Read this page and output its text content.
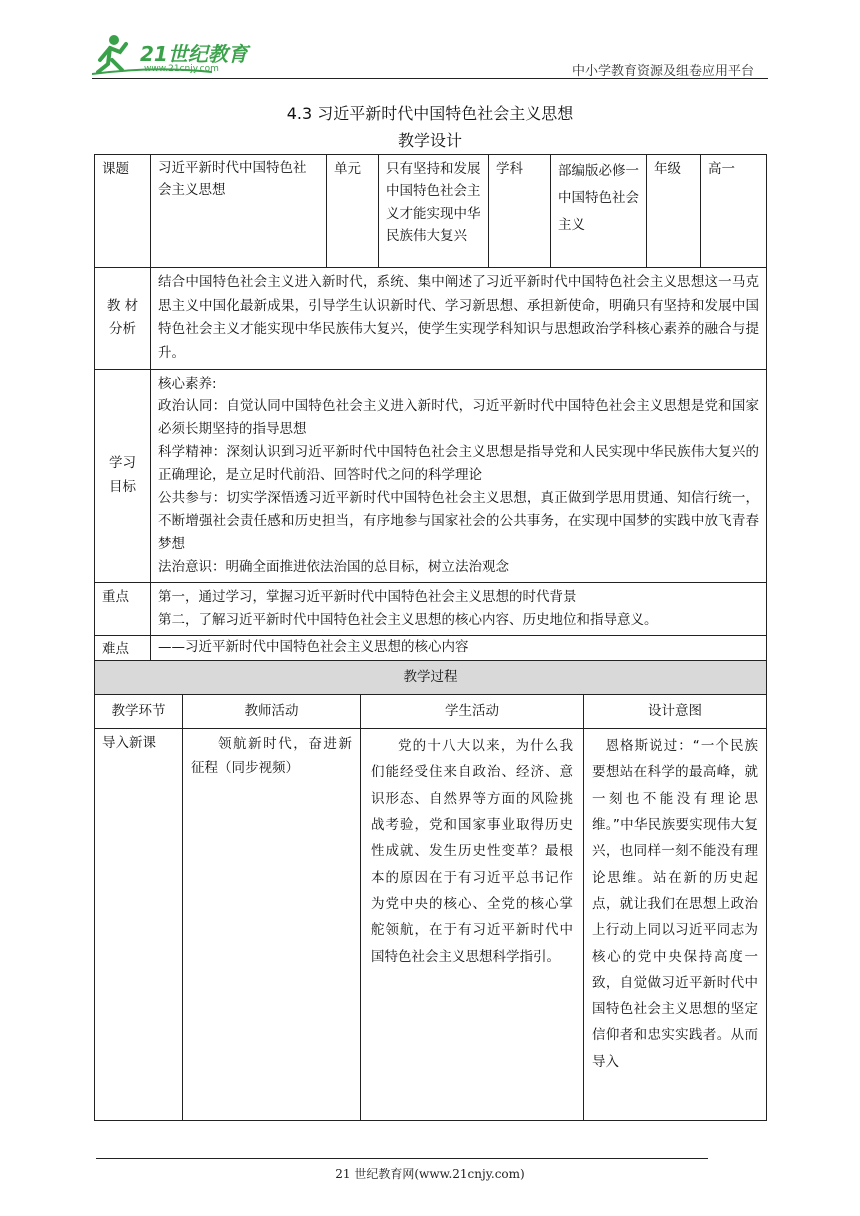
21世纪教育
www.21cnjy.com	中小学教育资源及组卷应用平台
4.3 习近平新时代中国特色社会主义思想
教学设计
课题	习近平新时代中国特色社会主义思想	单元	只有坚持和发展中国特色社会主义才能实现中华民族伟大复兴	学科	部编版必修一中国特色社会主义	年级	高一
教 材 分析	结合中国特色社会主义进入新时代，系统、集中阐述了习近平新时代中国特色社会主义思想这一马克思主义中国化最新成果，引导学生认识新时代、学习新思想、承担新使命，明确只有坚持和发展中国特色社会主义才能实现中华民族伟大复兴，使学生实现学科知识与思想政治学科核心素养的融合与提升。						
学习 目标	核心素养:
政治认同：自觉认同中国特色社会主义进入新时代，习近平新时代中国特色社会主义思想是党和国家必须长期坚持的指导思想
科学精神：深刻认识到习近平新时代中国特色社会主义思想是指导党和人民实现中华民族伟大复兴的正确理论，是立足时代前沿、回答时代之问的科学理论
公共参与：切实学深悟透习近平新时代中国特色社会主义思想，真正做到学思用贯通、知信行统一，不断增强社会责任感和历史担当，有序地参与国家社会的公共事务，在实现中国梦的实践中放飞青春梦想
法治意识：明确全面推进依法治国的总目标，树立法治观念						

重点	第一，通过学习，掌握习近平新时代中国特色社会主义思想的时代背景
第二，了解习近平新时代中国特色社会主义思想的核心内容、历史地位和指导意义。						

难点	——习近平新时代中国特色社会主义思想的核心内容						
教学过程			
教学环节	教师活动	学生活动	设计意图
导入新课	领航新时代，奋进新征程（同步视频）	党的十八大以来，为什么我们能经受住来自政治、经济、意识形态、自然界等方面的风险挑战考验，党和国家事业取得历史性成就、发生历史性变革？最根本的原因在于有习近平总书记作为党中央的核心、全党的核心掌舵领航，在于有习近平新时代中国特色社会主义思想科学指引。	恩格斯说过：“一个民族要想站在科学的最高峰，就一刻也不能没有理论思维。”中华民族要实现伟大复兴，也同样一刻不能没有理论思维。站在新的历史起点，就让我们在思想上政治上行动上同以习近平同志为核心的党中央保持高度一致，自觉做习近平新时代中国特色社会主义思想的坚定信仰者和忠实实践者。从而导入
21 世纪教育网(www.21cnjy.com)
